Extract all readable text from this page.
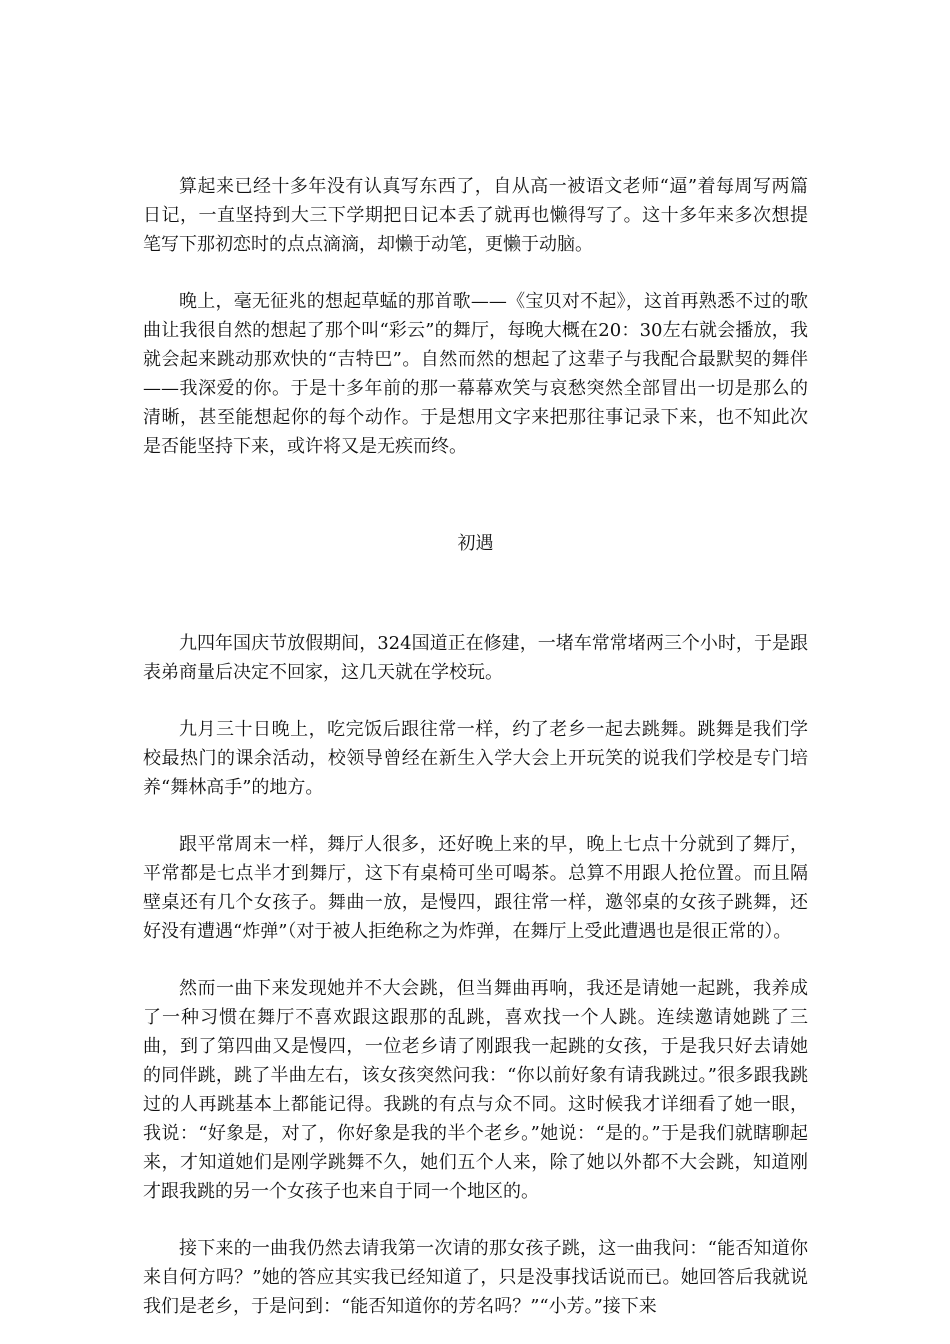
算起来已经十多年没有认真写东西了，自从高一被语文老师“逼”着每周写两篇日记，一直坚持到大三下学期把日记本丢了就再也懒得写了。这十多年来多次想提笔写下那初恋时的点点滴滴，却懒于动笔，更懒于动脑。

晚上，毫无征兆的想起草蜢的那首歌——《宝贝对不起》，这首再熟悉不过的歌曲让我很自然的想起了那个叫“彩云”的舞厅，每晚大概在20：30左右就会播放，我就会起来跳动那欢快的“吉特巴”。自然而然的想起了这辈子与我配合最默契的舞伴——我深爱的你。于是十多年前的那一幕幕欢笑与哀愁突然全部冒出一切是那么的清晰，甚至能想起你的每个动作。于是想用文字来把那往事记录下来，也不知此次是否能坚持下来，或许将又是无疾而终。

初遇

九四年国庆节放假期间，324国道正在修建，一堵车常常堵两三个小时，于是跟表弟商量后决定不回家，这几天就在学校玩。

九月三十日晚上，吃完饭后跟往常一样，约了老乡一起去跳舞。跳舞是我们学校最热门的课余活动，校领导曾经在新生入学大会上开玩笑的说我们学校是专门培养“舞林高手”的地方。

跟平常周末一样，舞厅人很多，还好晚上来的早，晚上七点十分就到了舞厅，平常都是七点半才到舞厅，这下有桌椅可坐可喝茶。总算不用跟人抢位置。而且隔壁桌还有几个女孩子。舞曲一放，是慢四，跟往常一样，邀邻桌的女孩子跳舞，还好没有遭遇“炸弹”（对于被人拒绝称之为炸弹，在舞厅上受此遭遇也是很正常的）。

然而一曲下来发现她并不大会跳，但当舞曲再响，我还是请她一起跳，我养成了一种习惯在舞厅不喜欢跟这跟那的乱跳，喜欢找一个人跳。连续邀请她跳了三曲，到了第四曲又是慢四，一位老乡请了刚跟我一起跳的女孩，于是我只好去请她的同伴跳，跳了半曲左右，该女孩突然问我：“你以前好象有请我跳过。”很多跟我跳过的人再跳基本上都能记得。我跳的有点与众不同。这时候我才详细看了她一眼，我说：“好象是，对了，你好象是我的半个老乡。”她说：“是的。”于是我们就瞎聊起来，才知道她们是刚学跳舞不久，她们五个人来，除了她以外都不大会跳，知道刚才跟我跳的另一个女孩子也来自于同一个地区的。

接下来的一曲我仍然去请我第一次请的那女孩子跳，这一曲我问：“能否知道你来自何方吗？”她的答应其实我已经知道了，只是没事找话说而已。她回答后我就说我们是老乡，于是问到：“能否知道你的芳名吗？”“小芳。”接下来
